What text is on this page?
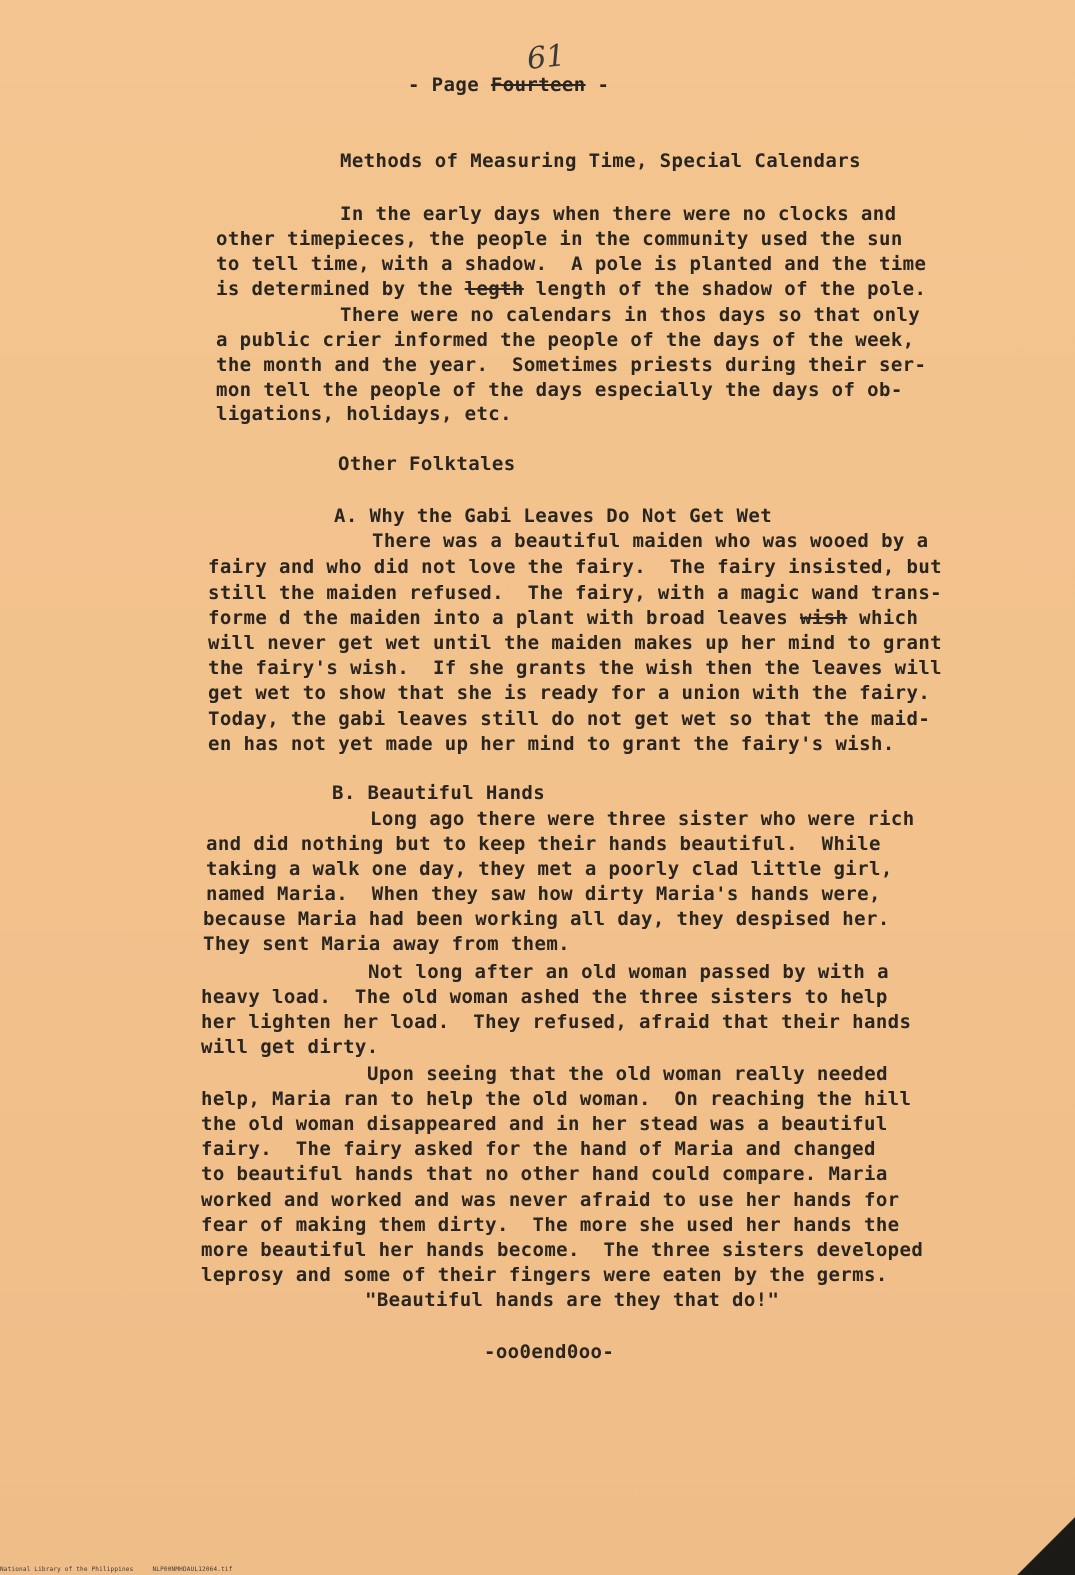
61
- Page Fourteen -
Methods of Measuring Time, Special Calendars
In the early days when there were no clocks and
other timepieces, the people in the community used the sun
to tell time, with a shadow.  A pole is planted and the time
is determined by the legth length of the shadow of the pole.
There were no calendars in thos days so that only
a public crier informed the people of the days of the week,
the month and the year.  Sometimes priests during their ser-
mon tell the people of the days especially the days of ob-
ligations, holidays, etc.
Other Folktales
A. Why the Gabi Leaves Do Not Get Wet
There was a beautiful maiden who was wooed by a
fairy and who did not love the fairy.  The fairy insisted, but
still the maiden refused.  The fairy, with a magic wand trans-
forme d the maiden into a plant with broad leaves wish which
will never get wet until the maiden makes up her mind to grant
the fairy's wish.  If she grants the wish then the leaves will
get wet to show that she is ready for a union with the fairy.
Today, the gabi leaves still do not get wet so that the maid-
en has not yet made up her mind to grant the fairy's wish.
B. Beautiful Hands
Long ago there were three sister who were rich
and did nothing but to keep their hands beautiful.  While
taking a walk one day, they met a poorly clad little girl,
named Maria.  When they saw how dirty Maria's hands were,
because Maria had been working all day, they despised her.
They sent Maria away from them.
Not long after an old woman passed by with a
heavy load.  The old woman ashed the three sisters to help
her lighten her load.  They refused, afraid that their hands
will get dirty.
Upon seeing that the old woman really needed
help, Maria ran to help the old woman.  On reaching the hill
the old woman disappeared and in her stead was a beautiful
fairy.  The fairy asked for the hand of Maria and changed
to beautiful hands that no other hand could compare. Maria
worked and worked and was never afraid to use her hands for
fear of making them dirty.  The more she used her hands the
more beautiful her hands become.  The three sisters developed
leprosy and some of their fingers were eaten by the germs.
"Beautiful hands are they that do!"
-oo0end0oo-
National Library of the Philippines     NLP00NMHDAUL12064.tif
